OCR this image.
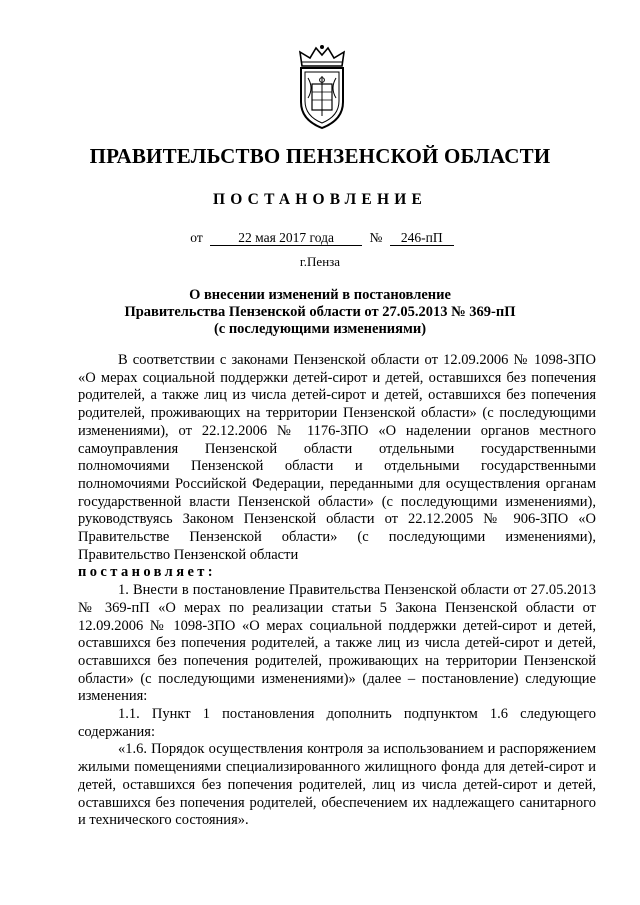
ПРАВИТЕЛЬСТВО ПЕНЗЕНСКОЙ ОБЛАСТИ
ПОСТАНОВЛЕНИЕ
от	22 мая 2017 года	№ 246-пП
г.Пенза
О внесении изменений в постановление
Правительства Пензенской области от 27.05.2013 № 369-пП
(с последующими изменениями)

В соответствии с законами Пензенской области от 12.09.2006 № 1098-ЗПО «О мерах социальной поддержки детей-сирот и детей, оставшихся без попечения родителей, а также лиц из числа детей-сирот и детей, оставшихся без попечения родителей, проживающих на территории Пензенской области» (с последующими изменениями), от 22.12.2006 № 1176-ЗПО «О наделении органов местного самоуправления Пензенской области отдельными государственными полномочиями Пензенской области и отдельными государственными полномочиями Российской Федерации, переданными для осуществления органам государственной власти Пензенской области» (с последующими изменениями), руководствуясь Законом Пензенской области от 22.12.2005 № 906-ЗПО «О Правительстве Пензенской области» (с последующими изменениями), Правительство Пензенской области

постановляет:

1. Внести в постановление Правительства Пензенской области от 27.05.2013 № 369-пП «О мерах по реализации статьи 5 Закона Пензенской области от 12.09.2006 № 1098-ЗПО «О мерах социальной поддержки детей-сирот и детей, оставшихся без попечения родителей, а также лиц из числа детей-сирот и детей, оставшихся без попечения родителей, проживающих на территории Пензенской области» (с последующими изменениями)» (далее – постановление) следующие изменения:

1.1. Пункт 1 постановления дополнить подпунктом 1.6 следующего содержания:

«1.6. Порядок осуществления контроля за использованием и распоряжением жилыми помещениями специализированного жилищного фонда для детей-сирот и детей, оставшихся без попечения родителей, лиц из числа детей-сирот и детей, оставшихся без попечения родителей, обеспечением их надлежащего санитарного и технического состояния».
